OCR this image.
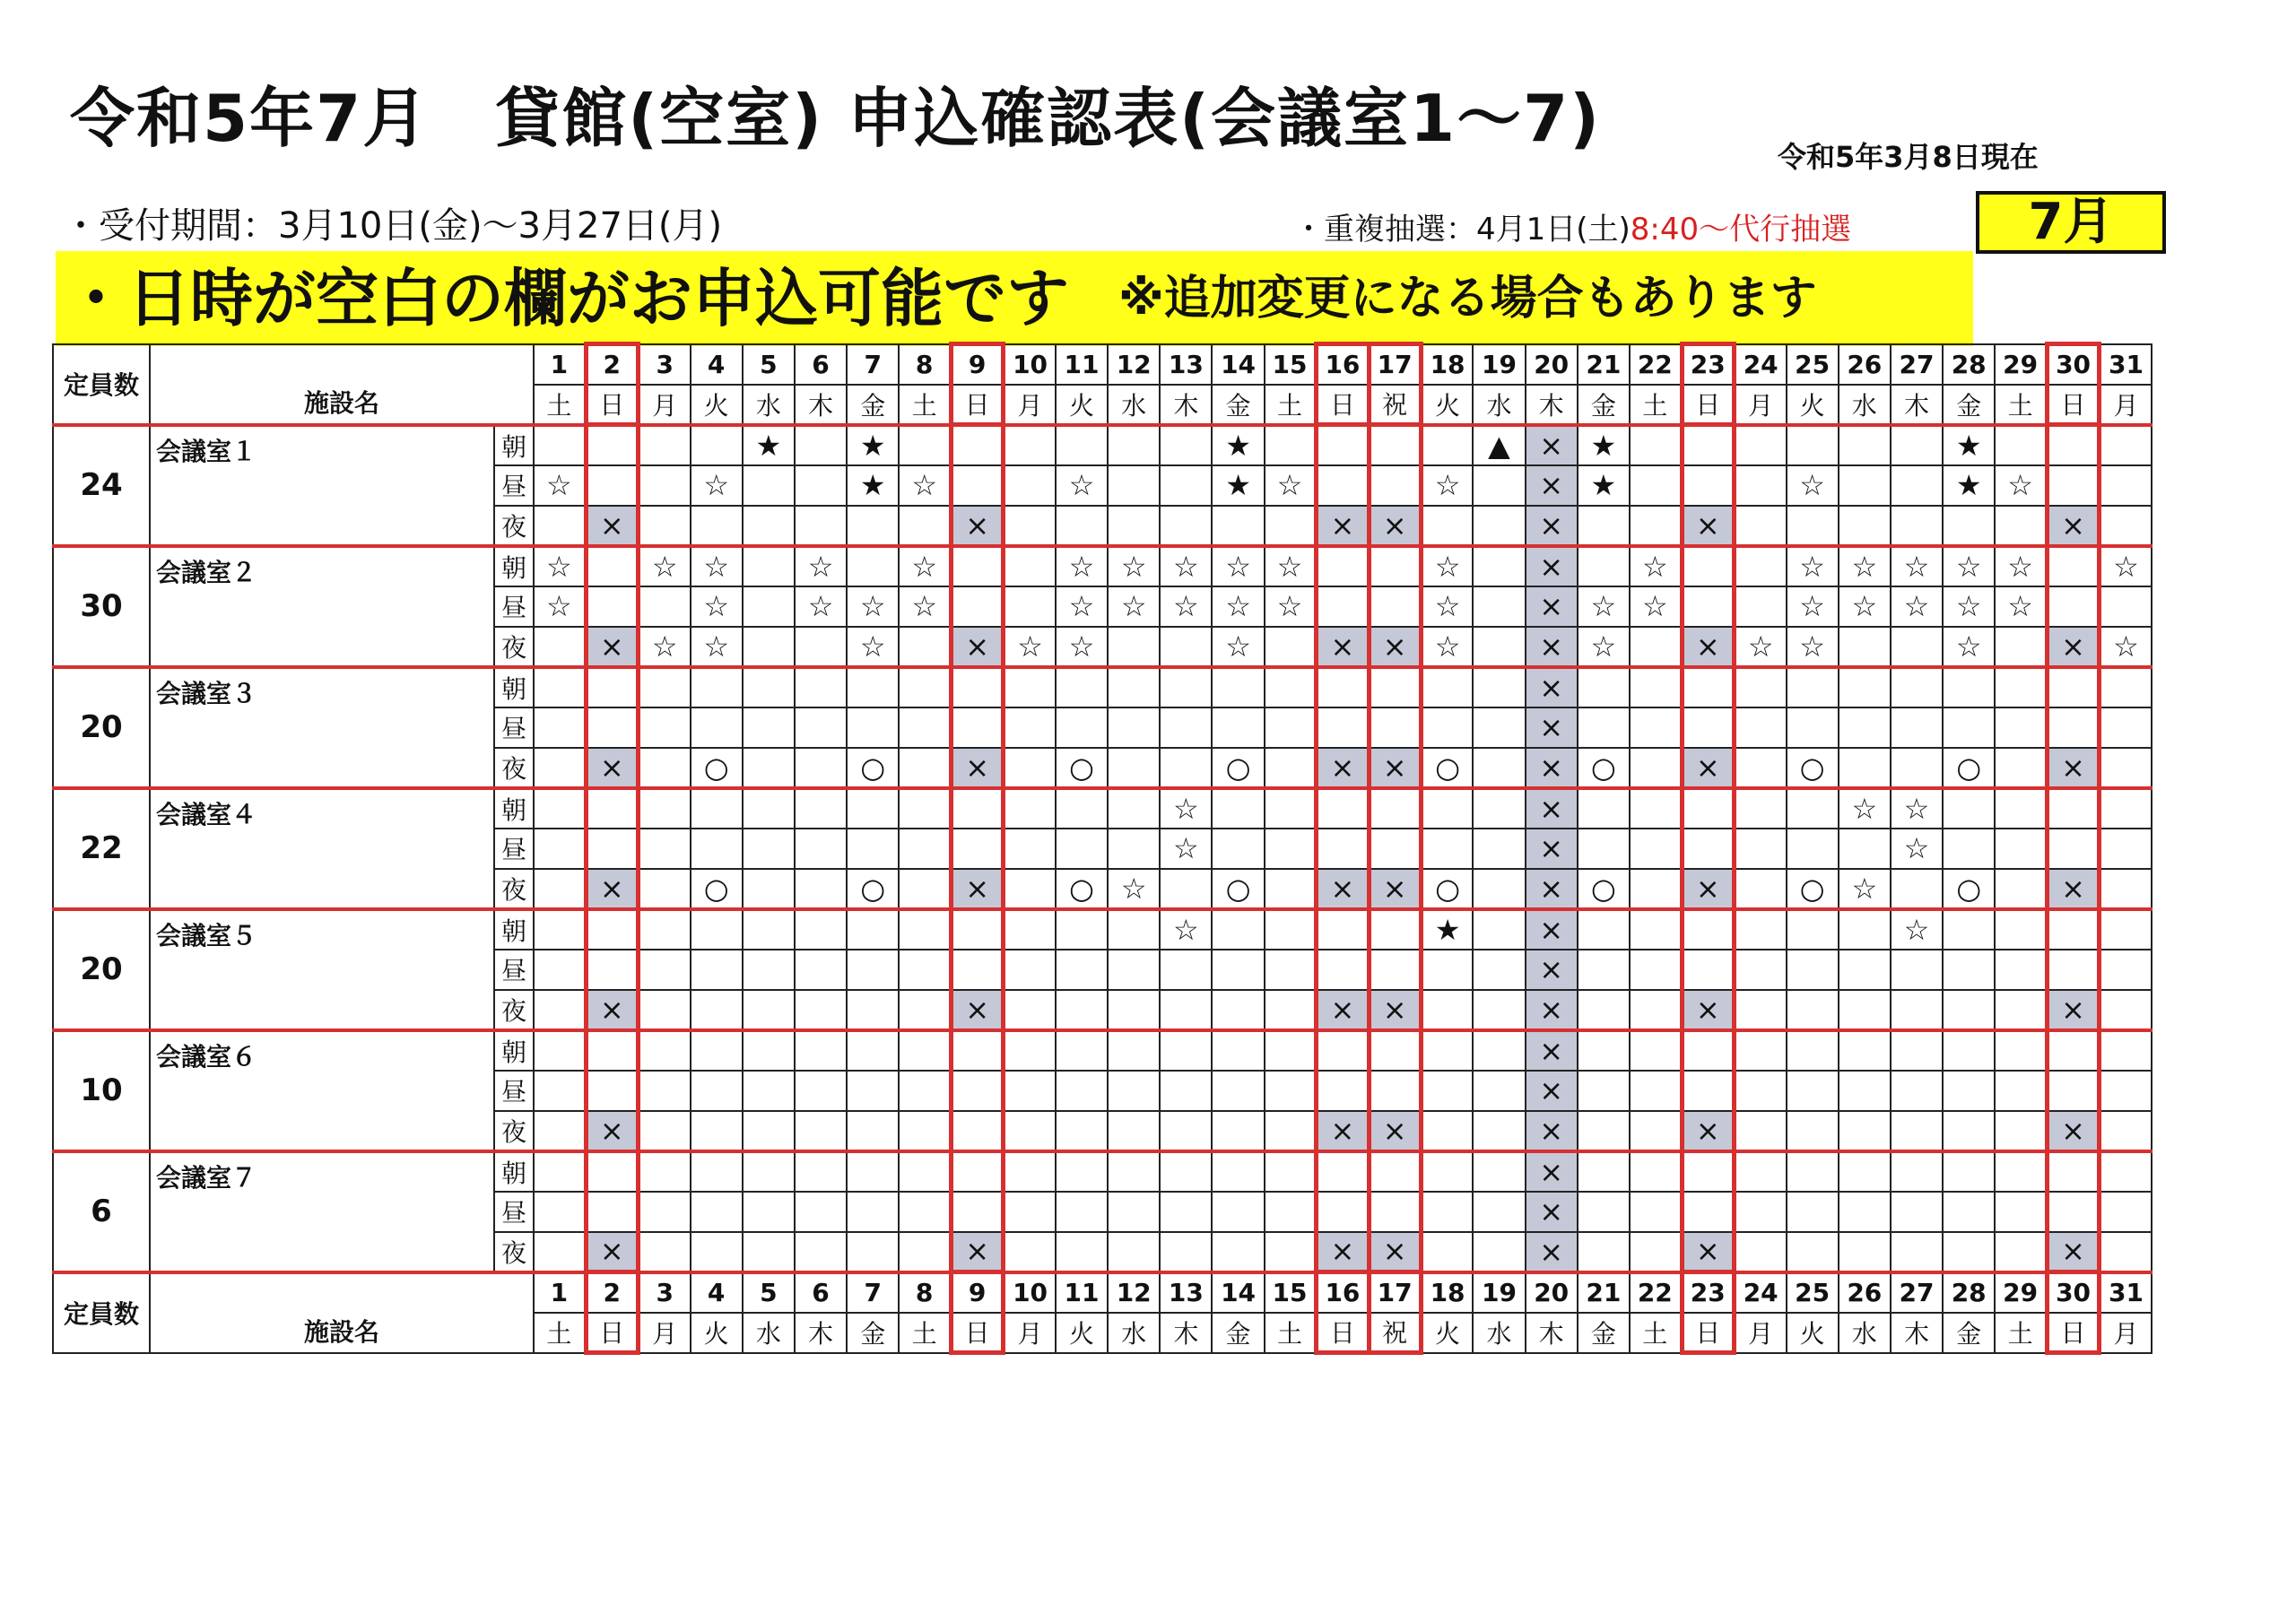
令和5年7月　貸館(空室) 申込確認表(会議室1～7)
令和5年3月8日現在
・受付期間：3月10日(金)～3月27日(月)	・重複抽選：4月1日(土)8:40～代行抽選	7月
・日時が空白の欄がお申込可能です ※追加変更になる場合もあります
定員数	施設名		1	2	3	4	5	6	7	8	9	10	11	12	13	14	15	16	17	18	19	20	21	22	23	24	25	26	27	28	29	30	31
			土	日	月	火	水	木	金	土	日	月	火	水	木	金	土	日	祝	火	水	木	金	土	日	月	火	水	木	金	土	日	月
24	会議室１	朝					★		★							★					▲	×	★							★			
		昼	☆			☆			★	☆			☆			★	☆			☆		×	★				☆			★	☆		
		夜		×							×							×	×			×			×							×	
30	会議室２	朝	☆		☆	☆		☆		☆			☆	☆	☆	☆	☆			☆		×		☆			☆	☆	☆	☆	☆		☆
		昼	☆			☆		☆	☆	☆			☆	☆	☆	☆	☆			☆		×	☆	☆			☆	☆	☆	☆	☆		
		夜		×	☆	☆			☆		×	☆	☆			☆		×	×	☆		×	☆		×	☆	☆			☆		×	☆
20	会議室３	朝																				×											
		昼																				×											
		夜		×		○			○		×		○			○		×	×	○		×	○		×		○			○		×	
22	会議室４	朝													☆							×						☆	☆				
		昼													☆							×							☆				
		夜		×		○			○		×		○	☆		○		×	×	○		×	○		×		○	☆		○		×	
20	会議室５	朝													☆					★		×							☆				
		昼																				×											
		夜		×							×							×	×			×			×							×	
10	会議室６	朝																				×											
		昼																				×											
		夜		×														×	×			×			×							×	
6	会議室７	朝																				×											
		昼																				×											
		夜		×							×							×	×			×			×							×	
定員数	施設名		1	2	3	4	5	6	7	8	9	10	11	12	13	14	15	16	17	18	19	20	21	22	23	24	25	26	27	28	29	30	31
			土	日	月	火	水	木	金	土	日	月	火	水	木	金	土	日	祝	火	水	木	金	土	日	月	火	水	木	金	土	日	月
